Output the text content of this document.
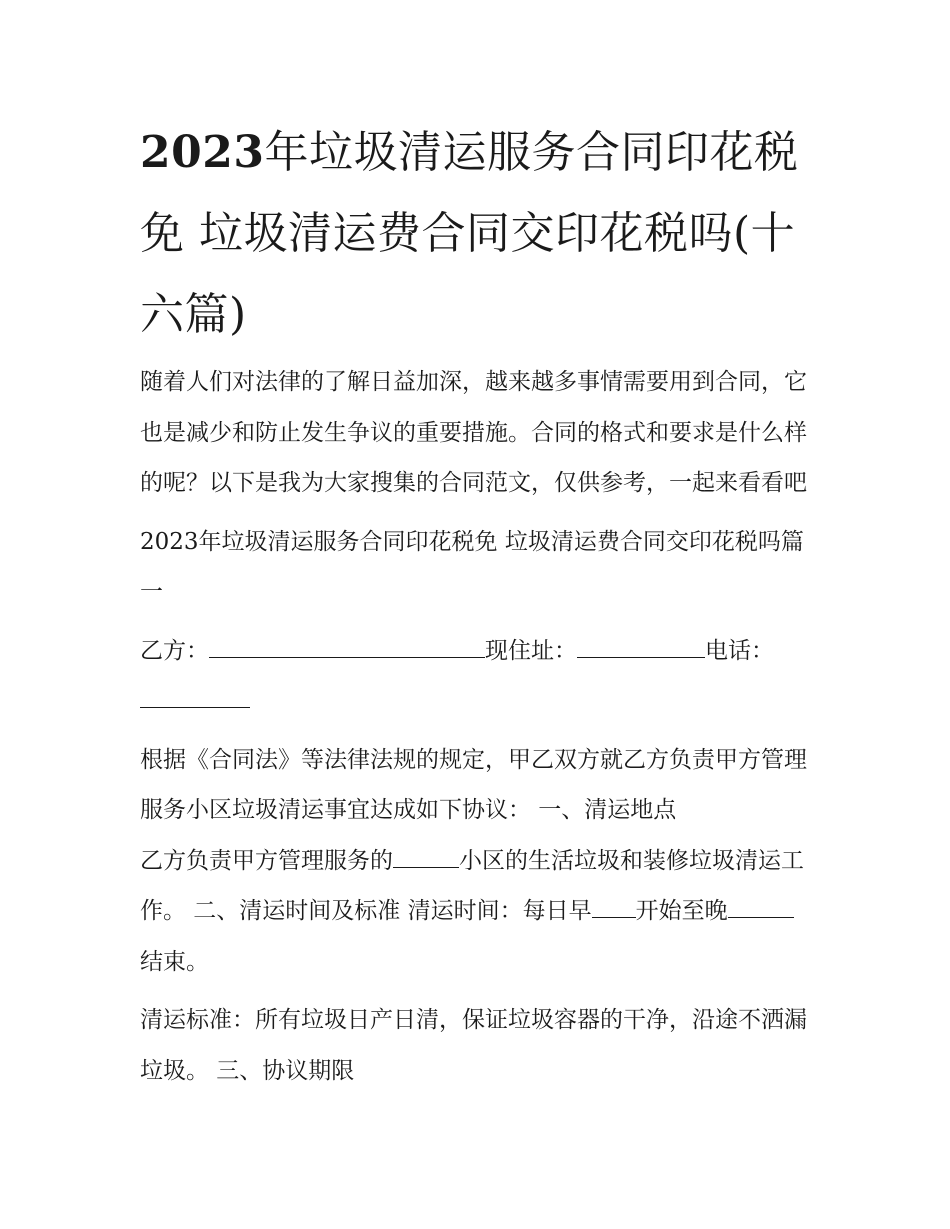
2023年垃圾清运服务合同印花税免 垃圾清运费合同交印花税吗(十六篇)

随着人们对法律的了解日益加深，越来越多事情需要用到合同，它也是减少和防止发生争议的重要措施。合同的格式和要求是什么样的呢？以下是我为大家搜集的合同范文，仅供参考，一起来看看吧

2023年垃圾清运服务合同印花税免 垃圾清运费合同交印花税吗篇一

乙方：	现住址：	电话：

根据《合同法》等法律法规的规定，甲乙双方就乙方负责甲方管理服务小区垃圾清运事宜达成如下协议： 一、清运地点

乙方负责甲方管理服务的	小区的生活垃圾和装修垃圾清运工作。 二、清运时间及标准 清运时间：每日早 开始至晚结束。

清运标准：所有垃圾日产日清，保证垃圾容器的干净，沿途不洒漏垃圾。 三、协议期限
